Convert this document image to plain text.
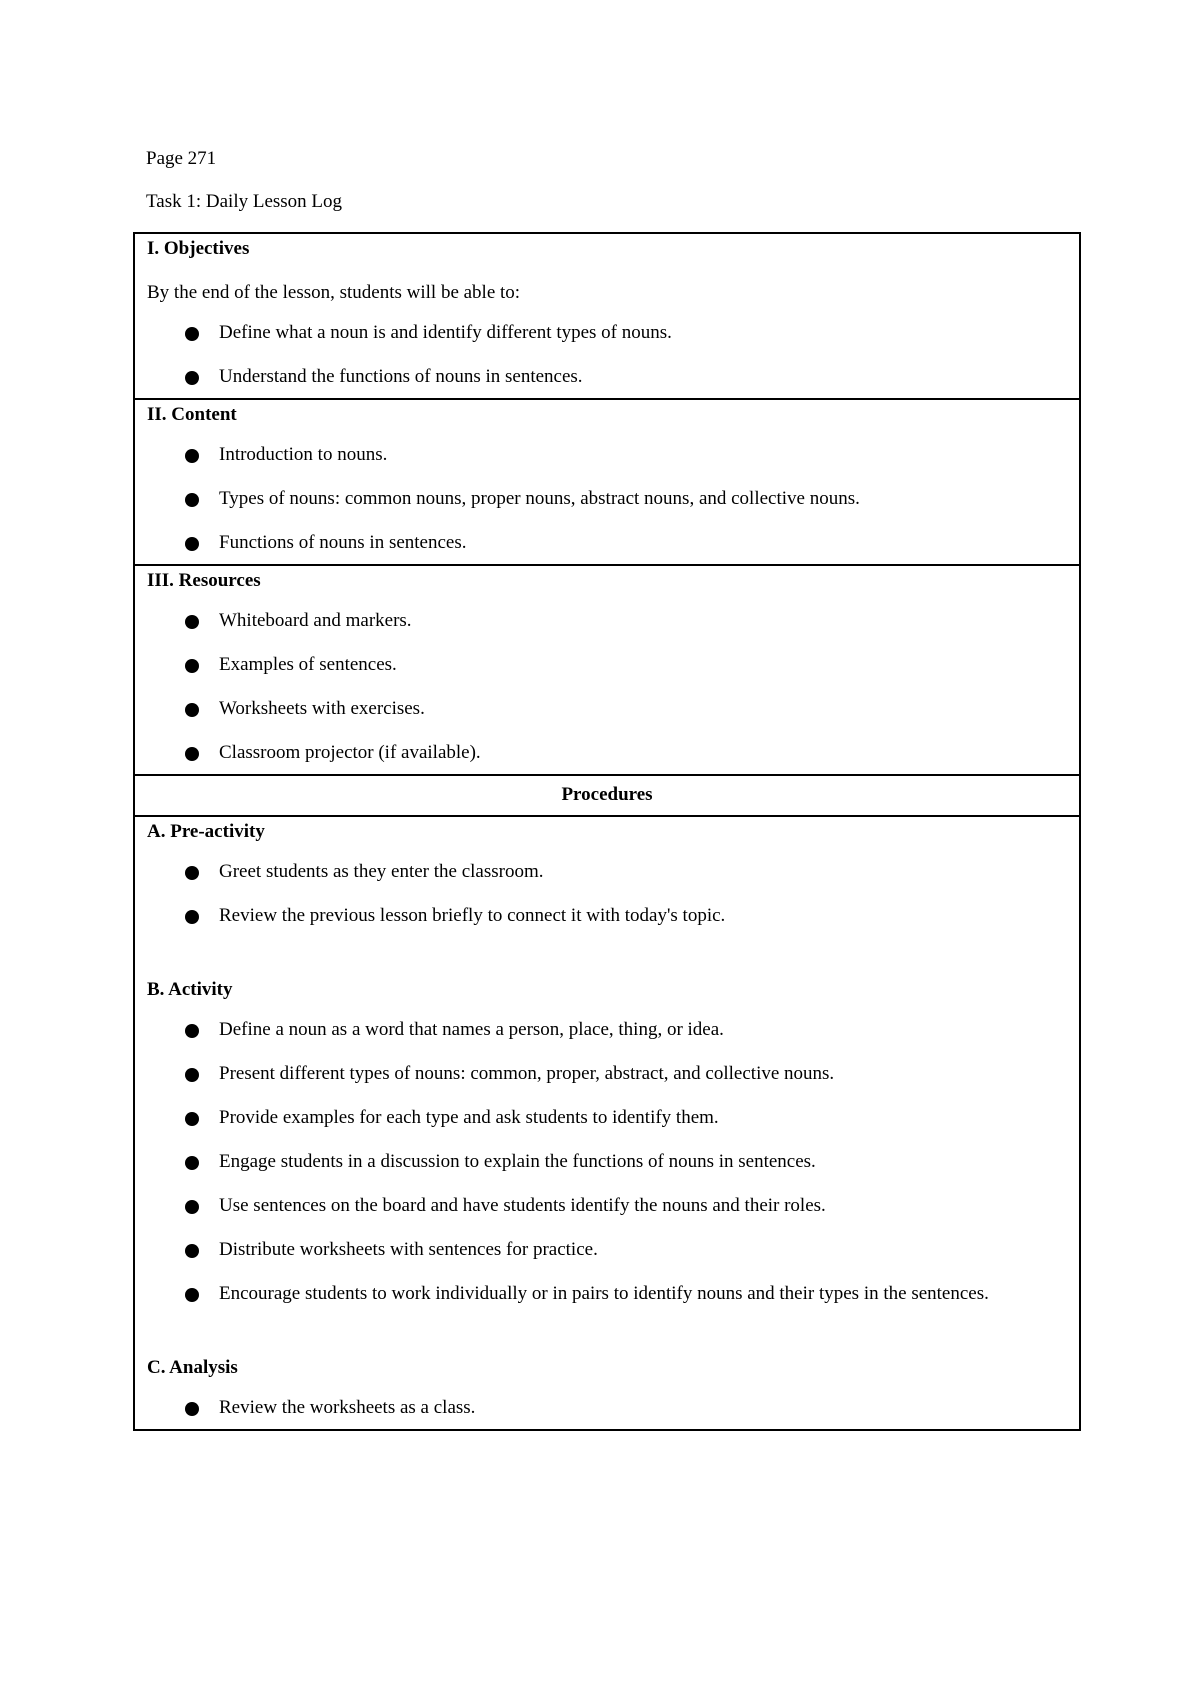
Page 271

Task 1: Daily Lesson Log

I. Objectives
By the end of the lesson, students will be able to:
Define what a noun is and identify different types of nouns.
Understand the functions of nouns in sentences.

II. Content
Introduction to nouns.
Types of nouns: common nouns, proper nouns, abstract nouns, and collective nouns.
Functions of nouns in sentences.

III. Resources
Whiteboard and markers.
Examples of sentences.
Worksheets with exercises.
Classroom projector (if available).

Procedures

A. Pre-activity
Greet students as they enter the classroom.
Review the previous lesson briefly to connect it with today's topic.
B. Activity
Define a noun as a word that names a person, place, thing, or idea.
Present different types of nouns: common, proper, abstract, and collective nouns.
Provide examples for each type and ask students to identify them.
Engage students in a discussion to explain the functions of nouns in sentences.
Use sentences on the board and have students identify the nouns and their roles.
Distribute worksheets with sentences for practice.
Encourage students to work individually or in pairs to identify nouns and their types in the sentences.
C. Analysis
Review the worksheets as a class.
